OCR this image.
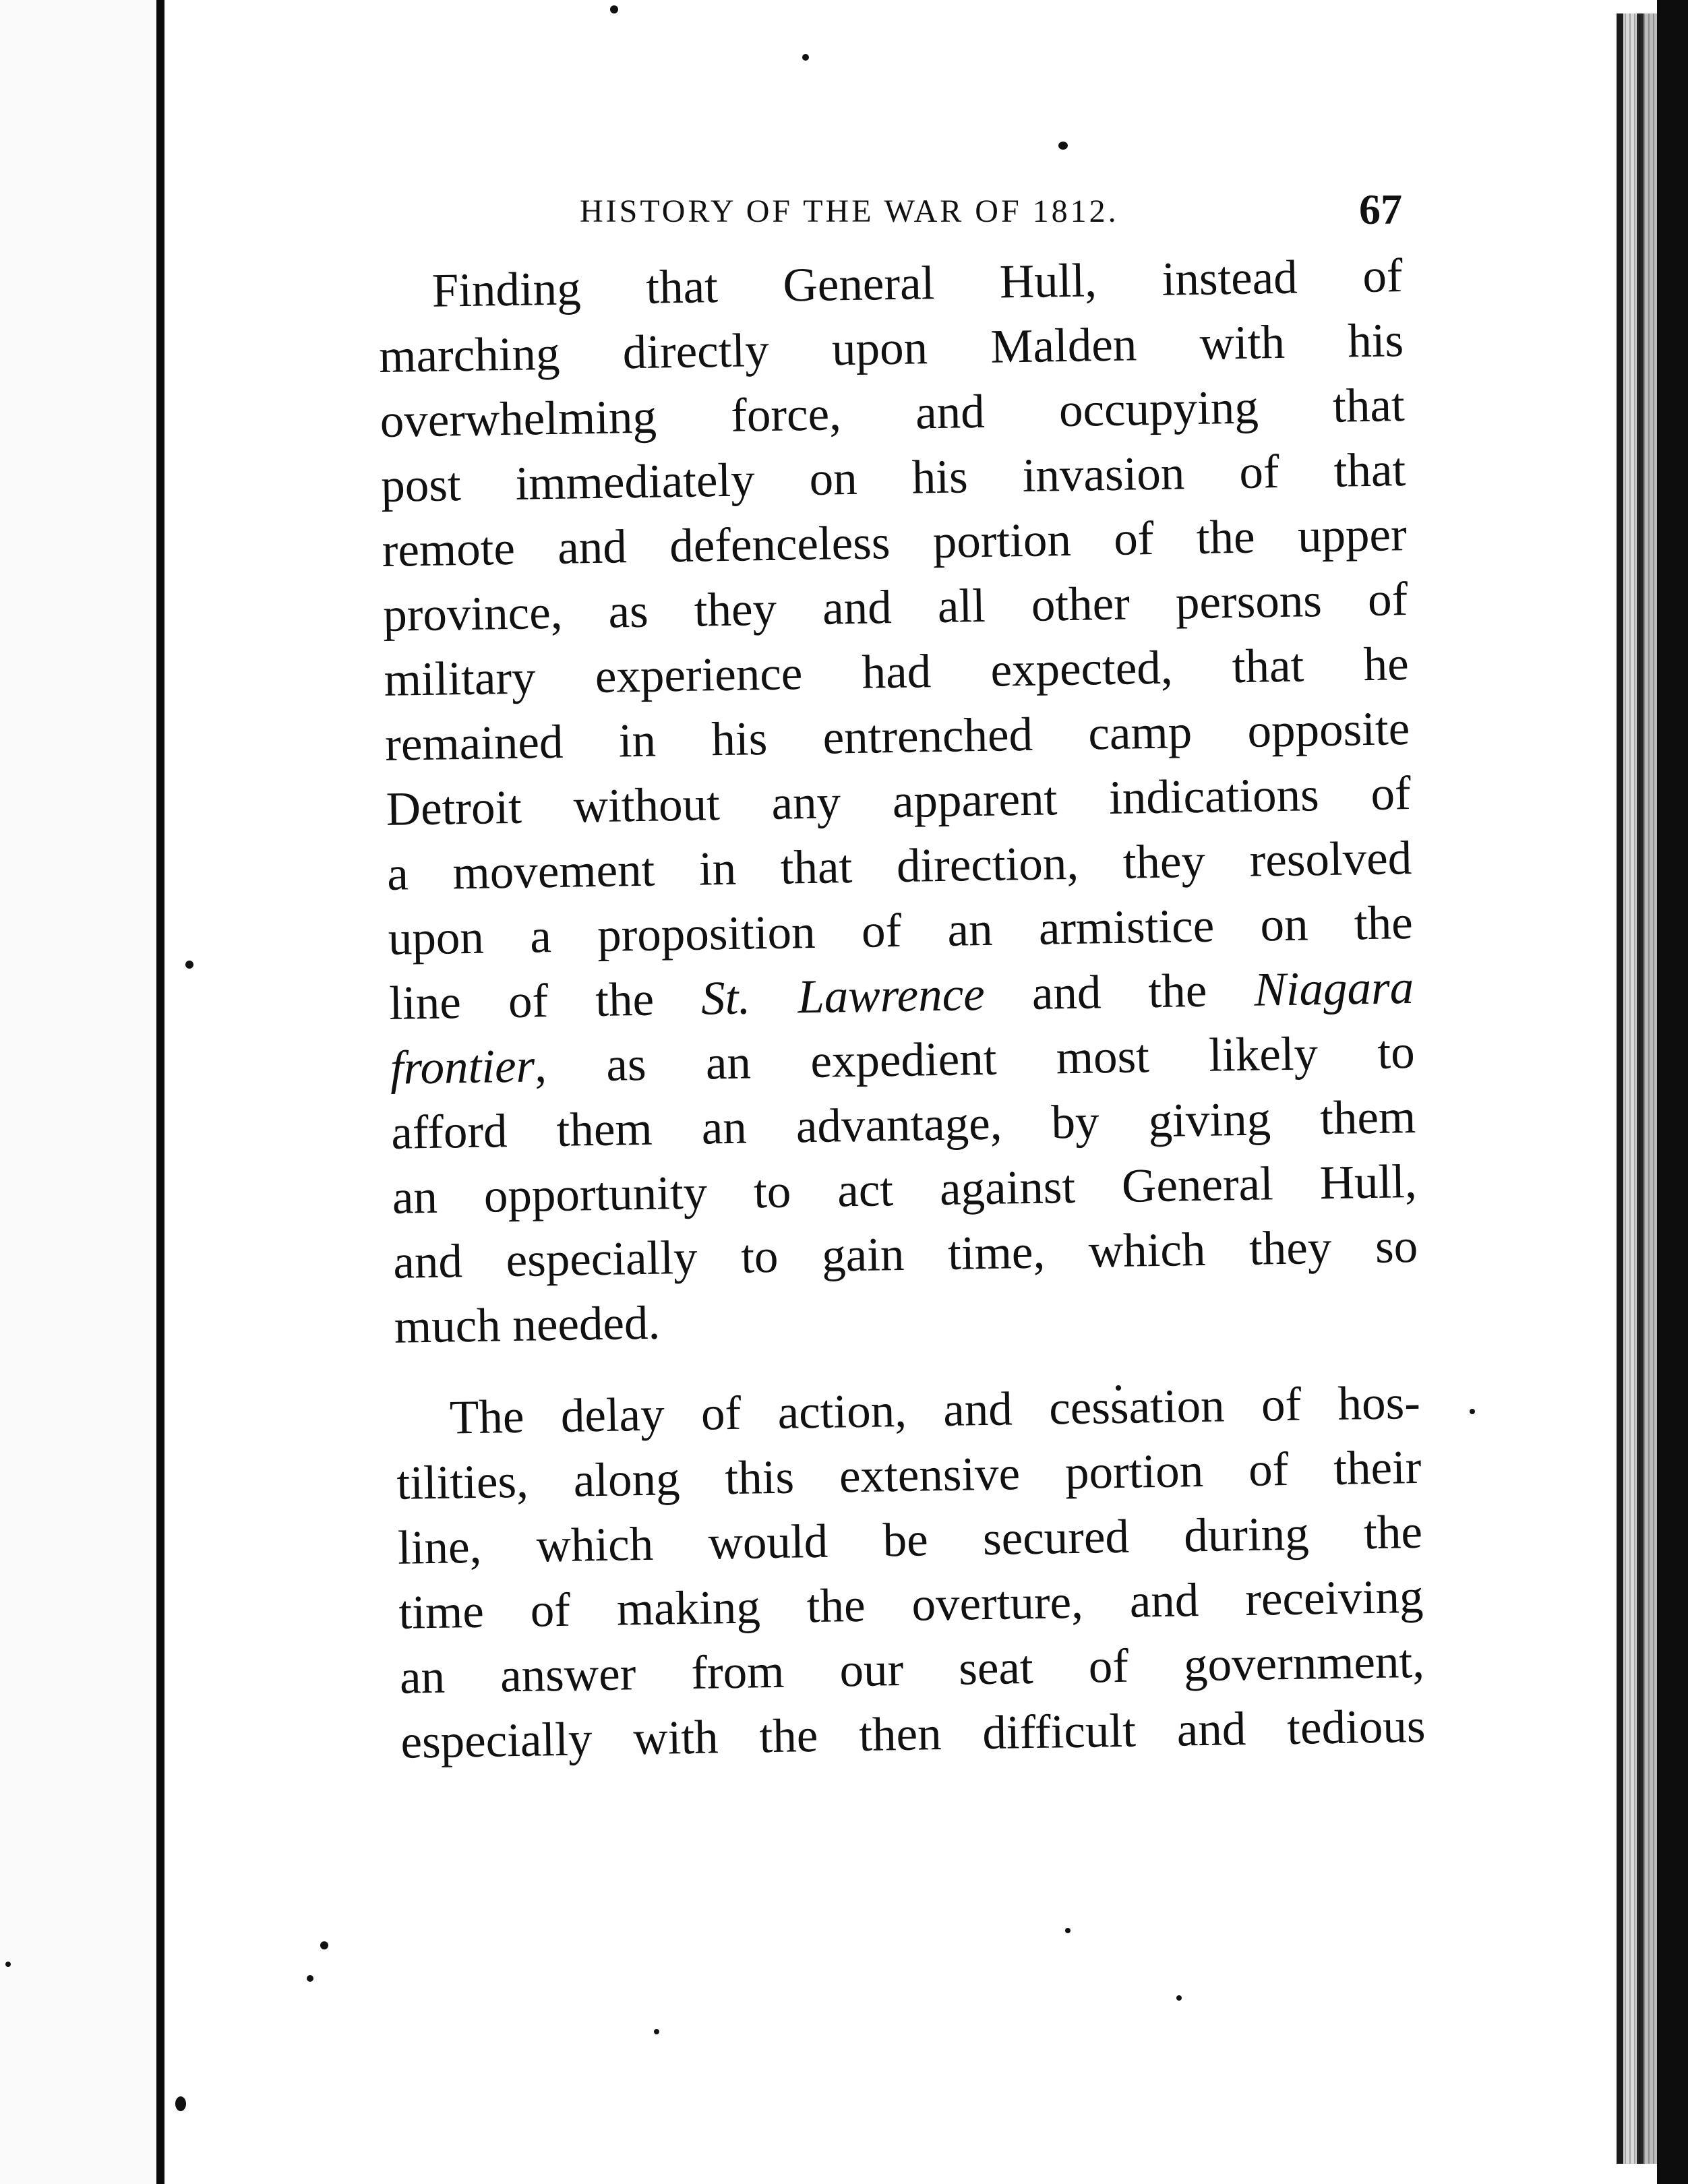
HISTORY OF THE WAR OF 1812.	67
Finding that General Hull, instead of
marching directly upon Malden with his
overwhelming force, and occupying that
post immediately on his invasion of that
remote and defenceless portion of the upper
province, as they and all other persons of
military experience had expected, that he
remained in his entrenched camp opposite
Detroit without any apparent indications of
a movement in that direction, they resolved
upon a proposition of an armistice on the
line of the St. Lawrence and the Niagara
frontier, as an expedient most likely to
afford them an advantage, by giving them
an opportunity to act against General Hull,
and especially to gain time, which they so
much needed.
The delay of action, and cessation of hos-
tilities, along this extensive portion of their
line, which would be secured during the
time of making the overture, and receiving
an answer from our seat of government,
especially with the then difficult and tedious
